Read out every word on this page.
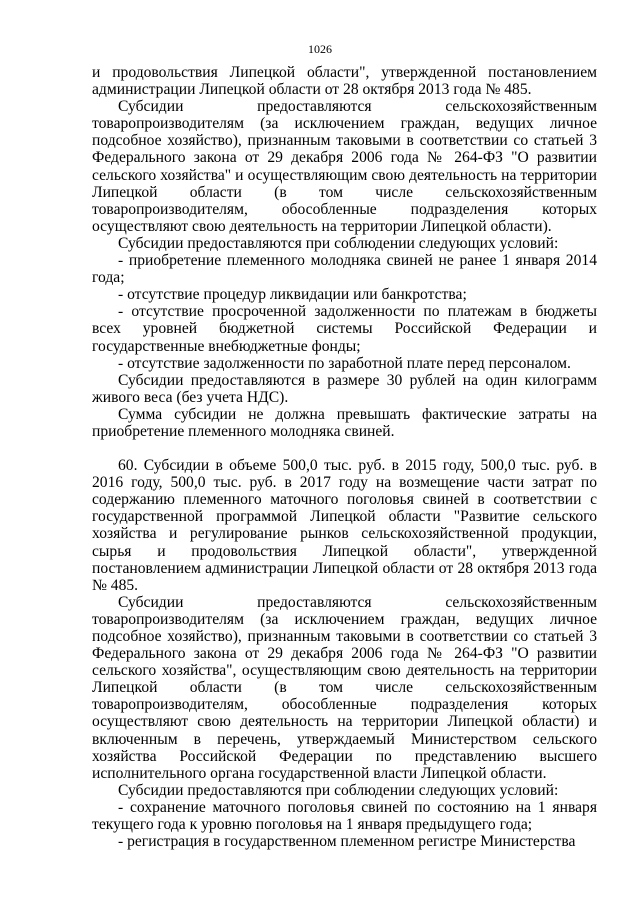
1026

и продовольствия Липецкой области", утвержденной постановлением администрации Липецкой области от 28 октября 2013 года № 485.

Субсидии предоставляются сельскохозяйственным товаропроизводителям (за исключением граждан, ведущих личное подсобное хозяйство), признанным таковыми в соответствии со статьей 3 Федерального закона от 29 декабря 2006 года № 264-ФЗ "О развитии сельского хозяйства" и осуществляющим свою деятельность на территории Липецкой области (в том числе сельскохозяйственным товаропроизводителям, обособленные подразделения которых осуществляют свою деятельность на территории Липецкой области).

Субсидии предоставляются при соблюдении следующих условий:

- приобретение племенного молодняка свиней не ранее 1 января 2014 года;

- отсутствие процедур ликвидации или банкротства;

- отсутствие просроченной задолженности по платежам в бюджеты всех уровней бюджетной системы Российской Федерации и государственные внебюджетные фонды;

- отсутствие задолженности по заработной плате перед персоналом.

Субсидии предоставляются в размере 30 рублей на один килограмм живого веса (без учета НДС).

Сумма субсидии не должна превышать фактические затраты на приобретение племенного молодняка свиней.

60. Субсидии в объеме 500,0 тыс. руб. в 2015 году, 500,0 тыс. руб. в 2016 году, 500,0 тыс. руб. в 2017 году на возмещение части затрат по содержанию племенного маточного поголовья свиней в соответствии с государственной программой Липецкой области "Развитие сельского хозяйства и регулирование рынков сельскохозяйственной продукции, сырья и продовольствия Липецкой области", утвержденной постановлением администрации Липецкой области от 28 октября 2013 года № 485.

Субсидии предоставляются сельскохозяйственным товаропроизводителям (за исключением граждан, ведущих личное подсобное хозяйство), признанным таковыми в соответствии со статьей 3 Федерального закона от 29 декабря 2006 года № 264-ФЗ "О развитии сельского хозяйства", осуществляющим свою деятельность на территории Липецкой области (в том числе сельскохозяйственным товаропроизводителям, обособленные подразделения которых осуществляют свою деятельность на территории Липецкой области) и включенным в перечень, утверждаемый Министерством сельского хозяйства Российской Федерации по представлению высшего исполнительного органа государственной власти Липецкой области.

Субсидии предоставляются при соблюдении следующих условий:

- сохранение маточного поголовья свиней по состоянию на 1 января текущего года к уровню поголовья на 1 января предыдущего года;

- регистрация в государственном племенном регистре Министерства
